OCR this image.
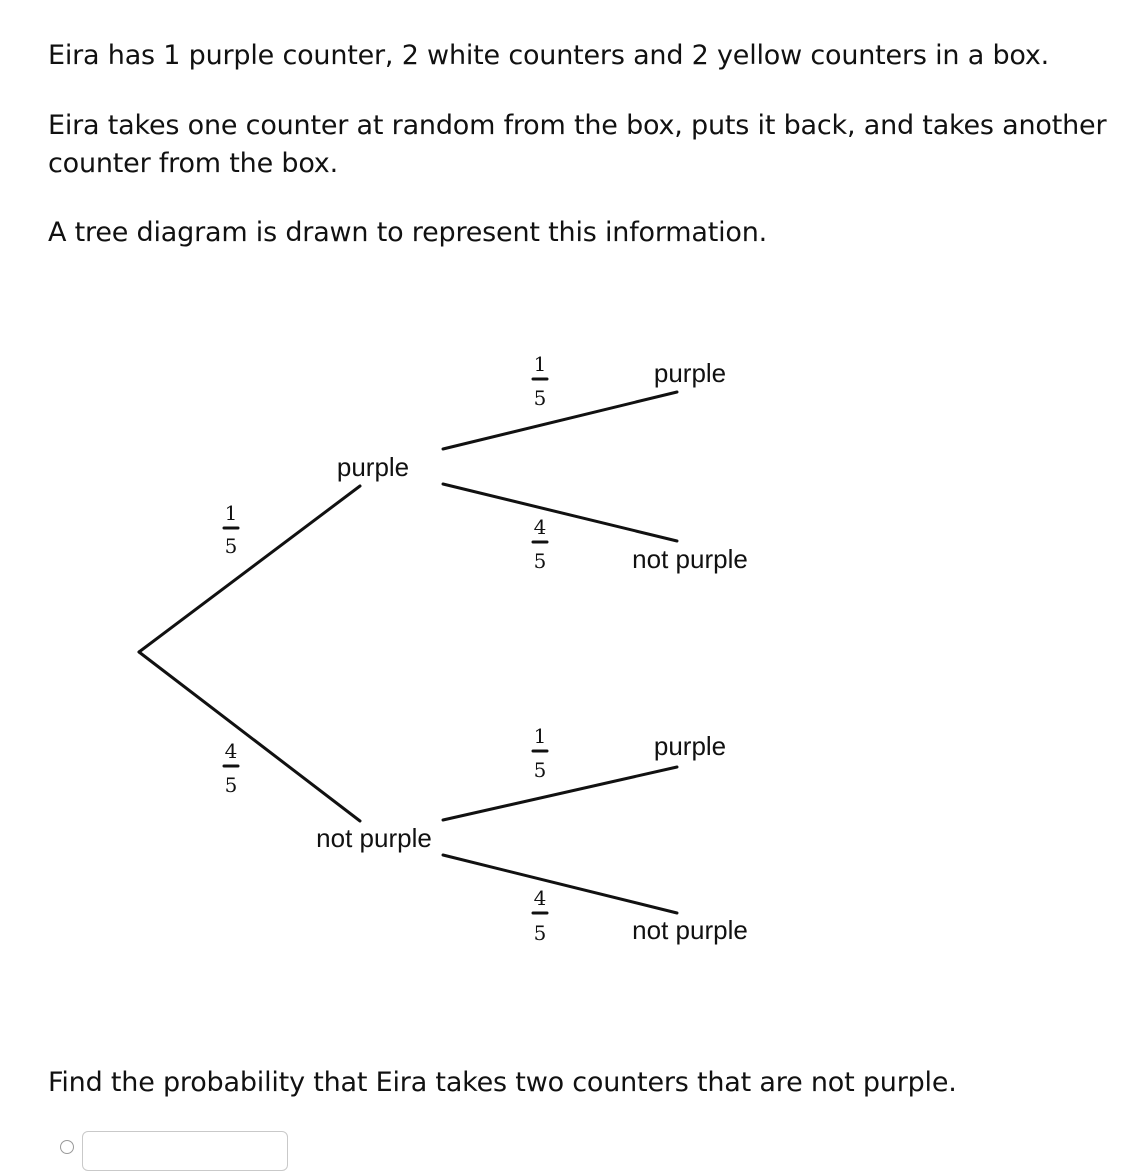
Eira has 1 purple counter, 2 white counters and 2 yellow counters in a box.

Eira takes one counter at random from the box, puts it back, and takes another counter from the box.

A tree diagram is drawn to represent this information.

purple
not purple
purple
not purple
purple
not purple
1
5
4
5
1
5
4
5
1
5
4
5

Find the probability that Eira takes two counters that are not purple.
